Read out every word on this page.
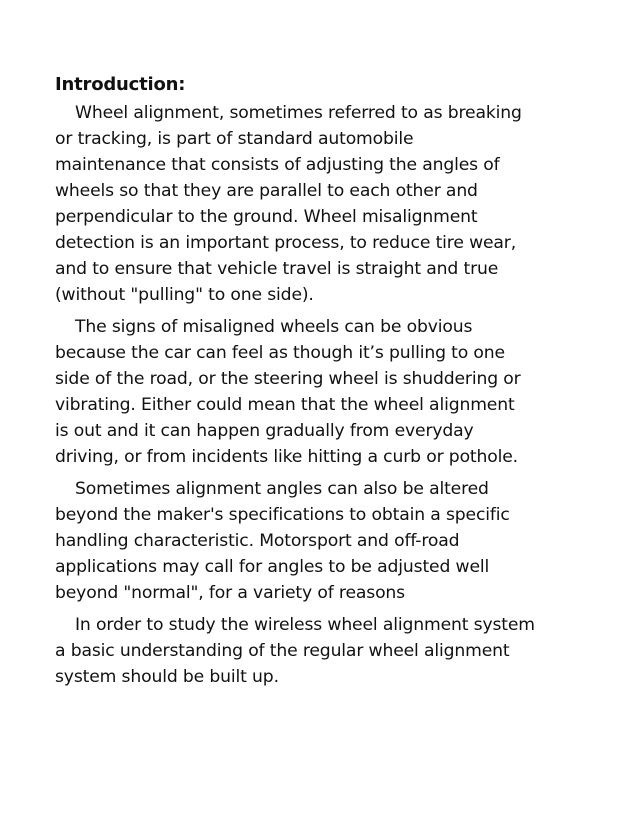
Introduction:
Wheel alignment, sometimes referred to as breaking
or tracking, is part of standard automobile
maintenance that consists of adjusting the angles of
wheels so that they are parallel to each other and
perpendicular to the ground. Wheel misalignment
detection is an important process, to reduce tire wear,
and to ensure that vehicle travel is straight and true
(without "pulling" to one side).
The signs of misaligned wheels can be obvious
because the car can feel as though it’s pulling to one
side of the road, or the steering wheel is shuddering or
vibrating. Either could mean that the wheel alignment
is out and it can happen gradually from everyday
driving, or from incidents like hitting a curb or pothole.
Sometimes alignment angles can also be altered
beyond the maker's specifications to obtain a specific
handling characteristic. Motorsport and off-road
applications may call for angles to be adjusted well
beyond "normal", for a variety of reasons
In order to study the wireless wheel alignment system
a basic understanding of the regular wheel alignment
system should be built up.
